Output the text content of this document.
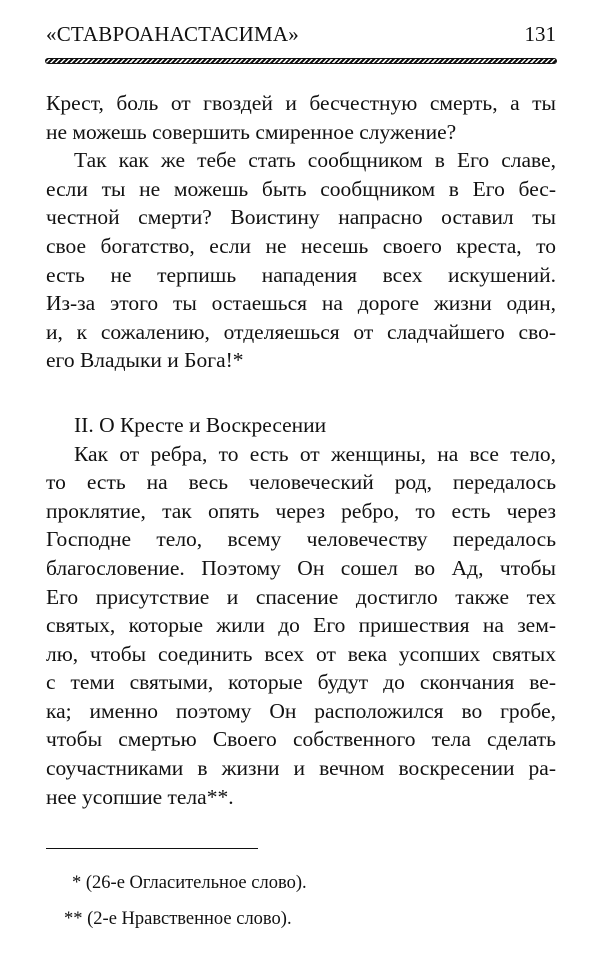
«СТАВРОАНАСТАСИМА»	131
Крест, боль от гвоздей и бесчестную смерть, а ты
не можешь совершить смиренное служение?
Так как же тебе стать сообщником в Его славе,
если ты не можешь быть сообщником в Его бес-
честной смерти? Воистину напрасно оставил ты
свое богатство, если не несешь своего креста, то
есть не терпишь нападения всех искушений.
Из-за этого ты остаешься на дороге жизни один,
и, к сожалению, отделяешься от сладчайшего сво-
его Владыки и Бога!*
II. О Кресте и Воскресении
Как от ребра, то есть от женщины, на все тело,
то есть на весь человеческий род, передалось
проклятие, так опять через ребро, то есть через
Господне тело, всему человечеству передалось
благословение. Поэтому Он сошел во Ад, чтобы
Его присутствие и спасение достигло также тех
святых, которые жили до Его пришествия на зем-
лю, чтобы соединить всех от века усопших святых
с теми святыми, которые будут до скончания ве-
ка; именно поэтому Он расположился во гробе,
чтобы смертью Своего собственного тела сделать
соучастниками в жизни и вечном воскресении ра-
нее усопшие тела**.
* (26-е Огласительное слово).
** (2-е Нравственное слово).
